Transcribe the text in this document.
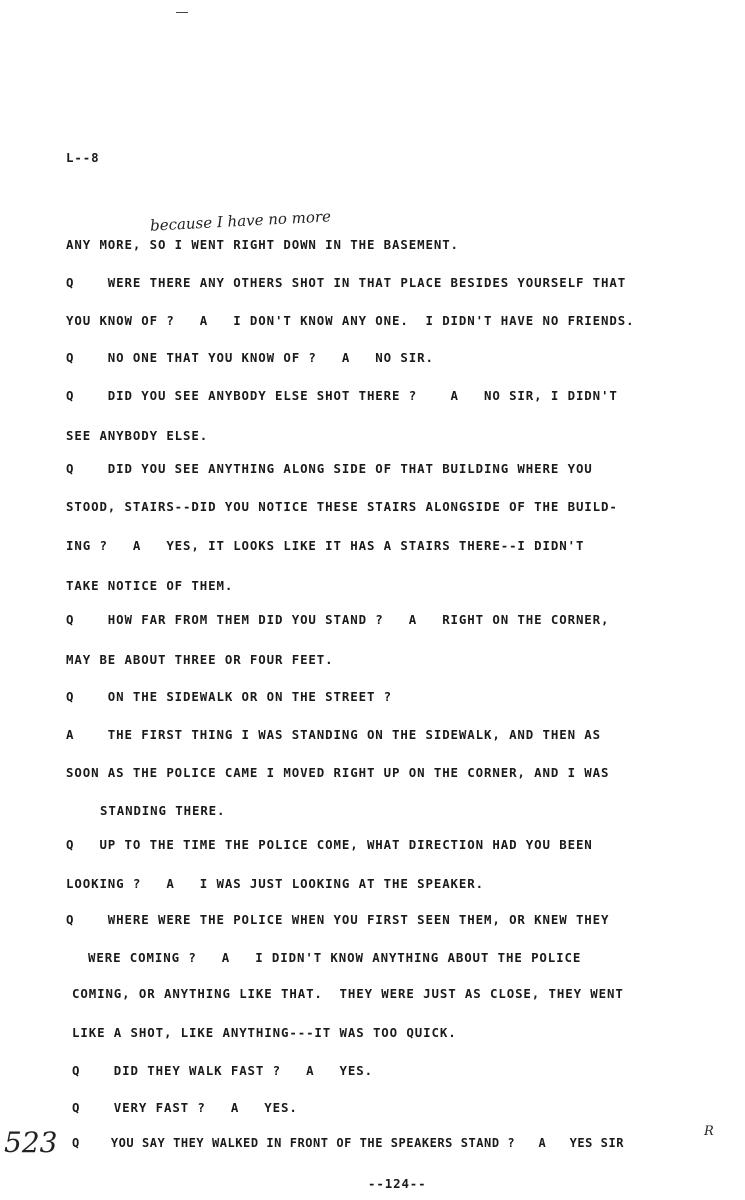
L--8
because I have no more
ANY MORE, SO I WENT RIGHT DOWN IN THE BASEMENT.
Q    WERE THERE ANY OTHERS SHOT IN THAT PLACE BESIDES YOURSELF THAT
YOU KNOW OF ?   A   I DON'T KNOW ANY ONE.  I DIDN'T HAVE NO FRIENDS.
Q    NO ONE THAT YOU KNOW OF ?   A   NO SIR.
Q    DID YOU SEE ANYBODY ELSE SHOT THERE ?    A   NO SIR, I DIDN'T
SEE ANYBODY ELSE.
Q    DID YOU SEE ANYTHING ALONG SIDE OF THAT BUILDING WHERE YOU
STOOD, STAIRS--DID YOU NOTICE THESE STAIRS ALONGSIDE OF THE BUILD-
ING ?   A   YES, IT LOOKS LIKE IT HAS A STAIRS THERE--I DIDN'T
TAKE NOTICE OF THEM.
Q    HOW FAR FROM THEM DID YOU STAND ?   A   RIGHT ON THE CORNER,
MAY BE ABOUT THREE OR FOUR FEET.
Q    ON THE SIDEWALK OR ON THE STREET ?
A    THE FIRST THING I WAS STANDING ON THE SIDEWALK, AND THEN AS
SOON AS THE POLICE CAME I MOVED RIGHT UP ON THE CORNER, AND I WAS
STANDING THERE.
Q   UP TO THE TIME THE POLICE COME, WHAT DIRECTION HAD YOU BEEN
LOOKING ?   A   I WAS JUST LOOKING AT THE SPEAKER.
Q    WHERE WERE THE POLICE WHEN YOU FIRST SEEN THEM, OR KNEW THEY
WERE COMING ?   A   I DIDN'T KNOW ANYTHING ABOUT THE POLICE
COMING, OR ANYTHING LIKE THAT.  THEY WERE JUST AS CLOSE, THEY WENT
LIKE A SHOT, LIKE ANYTHING---IT WAS TOO QUICK.
Q    DID THEY WALK FAST ?   A   YES.
Q    VERY FAST ?   A   YES.
523 Q    YOU SAY THEY WALKED IN FRONT OF THE SPEAKERS STAND ?   A   YES SIR
R
--124--
